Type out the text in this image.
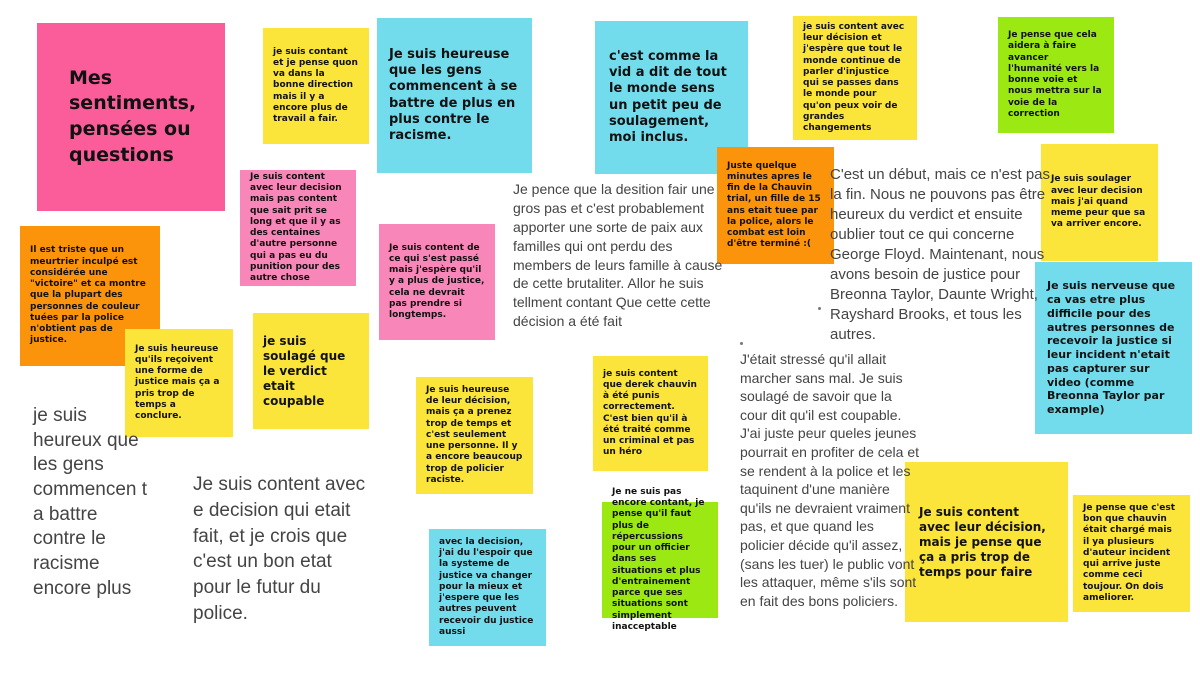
Mes sentiments, pensées ou questions
je suis contant et je pense quon va dans la bonne direction mais il y a encore plus de travail a fair.
Je suis heureuse que les gens commencent à se battre de plus en plus contre le racisme.
c'est comme la vid a dit de tout le monde sens un petit peu de soulagement, moi inclus.
je suis content avec leur décision et j'espère que tout le monde continue de parler d'injustice qui se passes dans le monde pour qu'on peux voir de grandes changements
Je pense que cela aidera à faire avancer l'humanité vers la bonne voie et nous mettra sur la voie de la correction
Je suis content avec leur decision mais pas content que sait prit se long et que il y as des centaines d'autre personne qui a pas eu du punition pour des autre chose
Il est triste que un meurtrier inculpé est considérée une "victoire" et ca montre que la plupart des personnes de couleur tuées par la police n'obtient pas de justice.
Je suis content de ce qui s'est passé mais j'espère qu'il y a plus de justice, cela ne devrait pas prendre si longtemps.
Juste quelque minutes apres le fin de la Chauvin trial, un fille de 15 ans etait tuee par la police, alors le combat est loin d'être terminé :(
Je suis soulager avec leur decision mais j'ai quand meme peur que sa va arriver encore.
Je suis heureuse qu'ils reçoivent une forme de justice mais ça a pris trop de temps a conclure.
je suis soulagé que le verdict etait coupable
Je suis nerveuse que ca vas etre plus difficile pour des autres personnes de recevoir la justice si leur incident n'etait pas capturer sur video (comme Breonna Taylor par example)
Je suis heureuse de leur décision, mais ça a prenez trop de temps et c'est seulement une personne. Il y a encore beaucoup trop de policier raciste.
je suis content que derek chauvin à été punis correctement. C'est bien qu'il à été traité comme un criminal et pas un héro
Je ne suis pas encore contant, je pense qu'il faut plus de répercussions pour un officier dans ses situations et plus d'entrainement parce que ses situations sont simplement inacceptable
avec la decision, j'ai du l'espoir que la systeme de justice va changer pour la mieux et j'espere que les autres peuvent recevoir du justice aussi
Je suis content avec leur décision, mais je pense que ça a pris trop de temps pour faire
Je pense que c'est bon que chauvin était chargé mais il ya plusieurs d'auteur incident qui arrive juste comme ceci toujour. On dois ameliorer.
Je pence que la desition fair une gros pas et c'est probablement apporter une sorte de paix aux familles qui ont perdu des members de leurs famille à cause de cette brutaliter. Allor he suis tellment contant Que cette cette décision a été fait
C'est un début, mais ce n'est pas la fin. Nous ne pouvons pas être heureux du verdict et ensuite oublier tout ce qui concerne George Floyd. Maintenant, nous avons besoin de justice pour Breonna Taylor, Daunte Wright, Rayshard Brooks, et tous les autres.
J'était stressé qu'il allait marcher sans mal. Je suis soulagé de savoir que la cour dit qu'il est coupable. J'ai juste peur queles jeunes pourrait en profiter de cela et se rendent à la police et les taquinent d'une manière qu'ils ne devraient vraiment pas, et que quand les policier décide qu'il assez, (sans les tuer) le public vont les attaquer, même s'ils sont en fait des bons policiers.
je suis heureux que les gens commencen t a battre contre le racisme encore plus
Je suis content avec e decision qui etait fait, et je crois que c'est un bon etat pour le futur du police.
